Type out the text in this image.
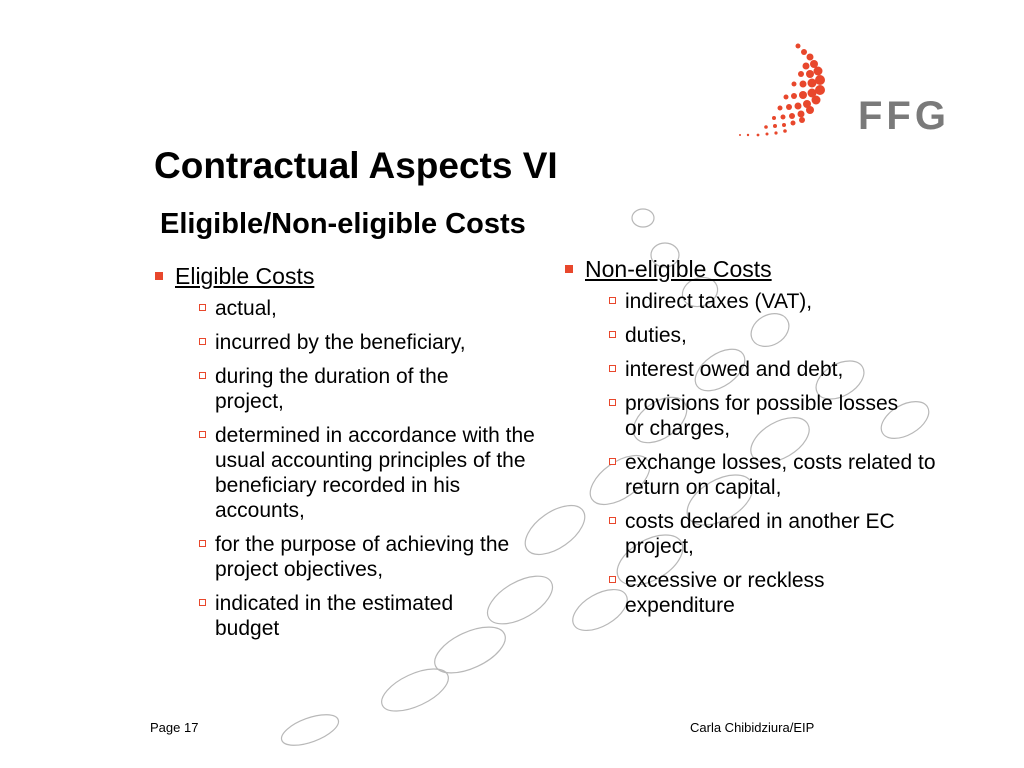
FFG
Contractual Aspects VI
Eligible/Non-eligible Costs
Eligible Costs
actual,
incurred by the beneficiary,
during the duration of the project,
determined in accordance with the usual accounting principles of the beneficiary recorded in his accounts,
for the purpose of achieving the project objectives,
indicated in the estimated budget
Non-eligible Costs
indirect taxes (VAT),
duties,
interest owed and debt,
provisions for possible losses or charges,
exchange losses, costs related to return on capital,
costs declared in another EC project,
excessive or reckless expenditure
Page 17	Carla Chibidziura/EIP
